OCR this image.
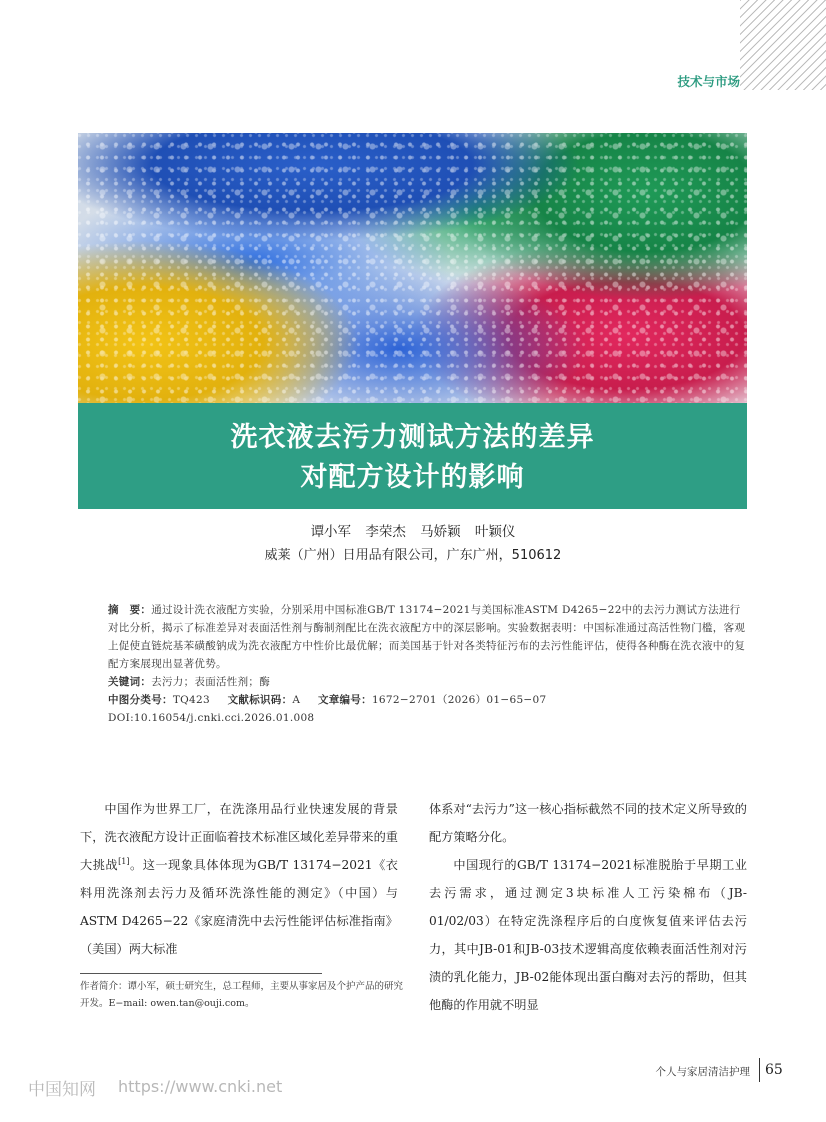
技术与市场
洗衣液去污力测试方法的差异
对配方设计的影响
谭小军 李荣杰 马娇颖 叶颖仪
威莱（广州）日用品有限公司，广东广州，510612
摘　要：通过设计洗衣液配方实验，分别采用中国标准GB/T 13174−2021与美国标准ASTM D4265−22中的去污力测试方法进行对比分析，揭示了标准差异对表面活性剂与酶制剂配比在洗衣液配方中的深层影响。实验数据表明：中国标准通过高活性物门槛，客观上促使直链烷基苯磺酸钠成为洗衣液配方中性价比最优解；而美国基于针对各类特征污布的去污性能评估，使得各种酶在洗衣液中的复配方案展现出显著优势。
关键词：去污力；表面活性剂；酶
中图分类号：TQ423 文献标识码：A 文章编号：1672−2701（2026）01−65−07
DOI:10.16054/j.cnki.cci.2026.01.008

中国作为世界工厂，在洗涤用品行业快速发展的背景下，洗衣液配方设计正面临着技术标准区域化差异带来的重大挑战[1]。这一现象具体体现为GB/T 13174−2021《衣料用洗涤剂去污力及循环洗涤性能的测定》（中国）与ASTM D4265−22《家庭清洗中去污性能评估标准指南》（美国）两大标准

体系对“去污力”这一核心指标截然不同的技术定义所导致的配方策略分化。

中国现行的GB/T 13174−2021标准脱胎于早期工业去污需求，通过测定3块标准人工污染棉布（JB-01/02/03）在特定洗涤程序后的白度恢复值来评估去污力，其中JB-01和JB-03技术逻辑高度依赖表面活性剂对污渍的乳化能力，JB-02能体现出蛋白酶对去污的帮助，但其他酶的作用就不明显

作者简介：谭小军，硕士研究生，总工程师，主要从事家居及个护产品的研究开发。E−mail: owen.tan@ouji.com。
个人与家居清洁护理 65
中国知网 https://www.cnki.net
